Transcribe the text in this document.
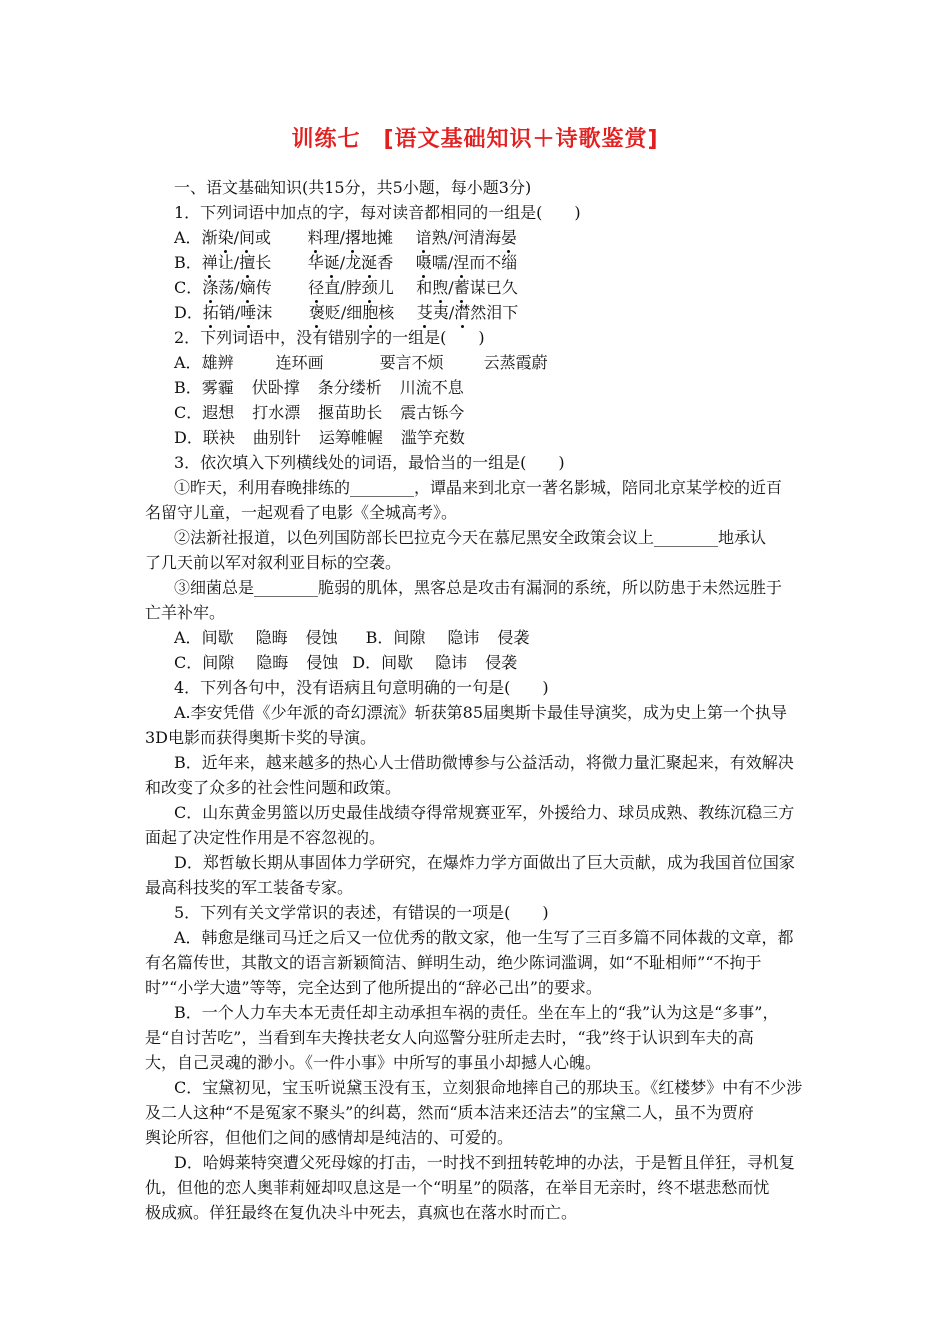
训练七　[语文基础知识＋诗歌鉴赏]
一、语文基础知识(共15分，共5小题，每小题3分)
1．下列词语中加点的字，每对读音都相同的一组是(　　)
A．渐染/间或 料理/撂地摊 谙熟/河清海晏
B．禅让/擅长 华诞/龙涎香 嗫嚅/涅而不缁
C．涤荡/嫡传 径直/脖颈儿 和煦/蓄谋已久
D．拓销/唾沫 褒贬/细胞核 芟夷/潸然泪下
2．下列词语中，没有错别字的一组是(　　)
A．雄辨	连环画	要言不烦 云蒸霞蔚
B．雾霾 伏卧撑 条分缕析 川流不息
C．遐想 打水漂 揠苗助长 震古铄今
D．联袂 曲别针 运筹帷幄 滥竽充数
3．依次填入下列横线处的词语，最恰当的一组是(　　)
①昨天，利用春晚排练的________，谭晶来到北京一著名影城，陪同北京某学校的近百
名留守儿童，一起观看了电影《全城高考》。
②法新社报道，以色列国防部长巴拉克今天在慕尼黑安全政策会议上________地承认
了几天前以军对叙利亚目标的空袭。
③细菌总是________脆弱的肌体，黑客总是攻击有漏洞的系统，所以防患于未然远胜于
亡羊补牢。
A．间歇 隐晦 侵蚀 B．间隙 隐讳 侵袭
C．间隙 隐晦 侵蚀 D．间歇 隐讳 侵袭
4．下列各句中，没有语病且句意明确的一句是(　　)
A.李安凭借《少年派的奇幻漂流》斩获第85届奥斯卡最佳导演奖，成为史上第一个执导
3D电影而获得奥斯卡奖的导演。
B．近年来，越来越多的热心人士借助微博参与公益活动，将微力量汇聚起来，有效解决
和改变了众多的社会性问题和政策。
C．山东黄金男篮以历史最佳战绩夺得常规赛亚军，外援给力、球员成熟、教练沉稳三方
面起了决定性作用是不容忽视的。
D．郑哲敏长期从事固体力学研究，在爆炸力学方面做出了巨大贡献，成为我国首位国家
最高科技奖的军工装备专家。
5．下列有关文学常识的表述，有错误的一项是(　　)
A．韩愈是继司马迁之后又一位优秀的散文家，他一生写了三百多篇不同体裁的文章，都
有名篇传世，其散文的语言新颖简洁、鲜明生动，绝少陈词滥调，如“不耻相师”“不拘于
时”“小学大遗”等等，完全达到了他所提出的“辞必己出”的要求。
B．一个人力车夫本无责任却主动承担车祸的责任。坐在车上的“我”认为这是“多事”，
是“自讨苦吃”，当看到车夫搀扶老女人向巡警分驻所走去时，“我”终于认识到车夫的高
大，自己灵魂的渺小。《一件小事》中所写的事虽小却撼人心魄。
C．宝黛初见，宝玉听说黛玉没有玉，立刻狠命地摔自己的那块玉。《红楼梦》中有不少涉
及二人这种“不是冤家不聚头”的纠葛，然而“质本洁来还洁去”的宝黛二人，虽不为贾府
舆论所容，但他们之间的感情却是纯洁的、可爱的。
D．哈姆莱特突遭父死母嫁的打击，一时找不到扭转乾坤的办法，于是暂且佯狂，寻机复
仇，但他的恋人奥菲莉娅却叹息这是一个“明星”的陨落，在举目无亲时，终不堪悲愁而忧
极成疯。佯狂最终在复仇决斗中死去，真疯也在落水时而亡。
